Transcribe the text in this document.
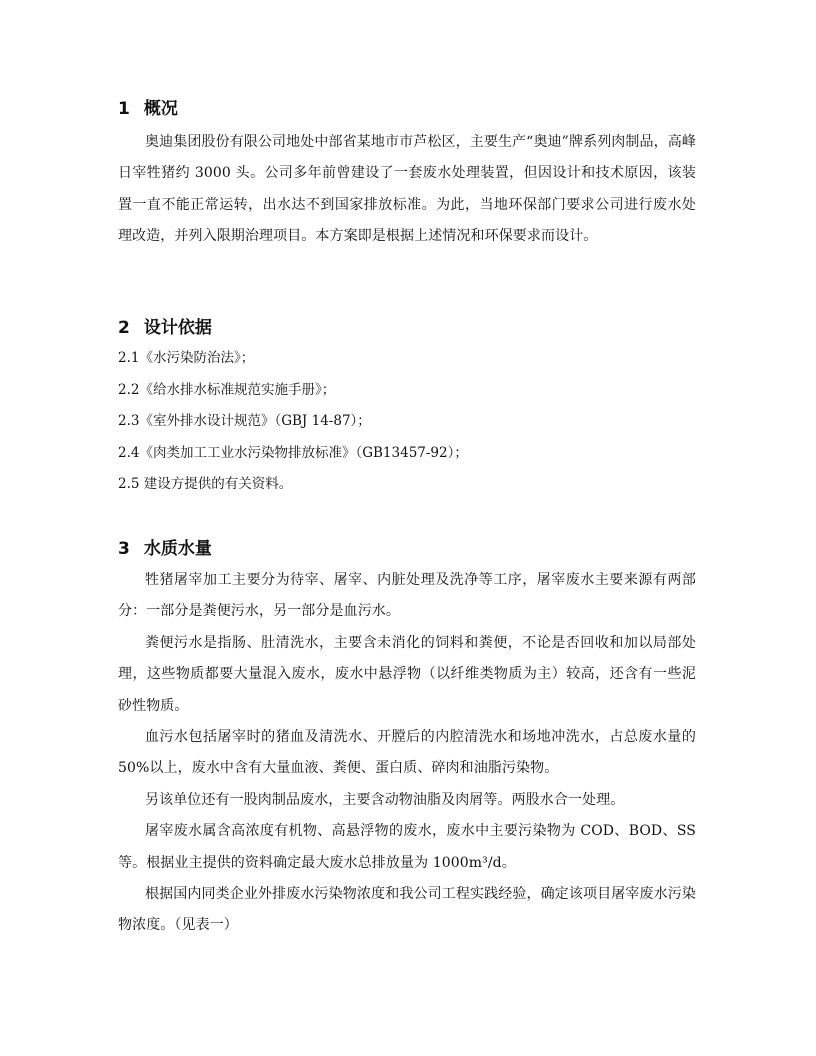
1 概况

奥迪集团股份有限公司地处中部省某地市市芦松区，主要生产“奥迪”牌系列肉制品，高峰日宰牲猪约 3000 头。公司多年前曾建设了一套废水处理装置，但因设计和技术原因，该装置一直不能正常运转，出水达不到国家排放标准。为此，当地环保部门要求公司进行废水处理改造，并列入限期治理项目。本方案即是根据上述情况和环保要求而设计。

2 设计依据
2.1《水污染防治法》；
2.2《给水排水标准规范实施手册》；
2.3《室外排水设计规范》（GBJ 14-87）；
2.4《肉类加工工业水污染物排放标准》（GB13457-92）；
2.5 建设方提供的有关资料。
3 水质水量

牲猪屠宰加工主要分为待宰、屠宰、内脏处理及洗净等工序，屠宰废水主要来源有两部分：一部分是粪便污水，另一部分是血污水。

粪便污水是指肠、肚清洗水，主要含未消化的饲料和粪便，不论是否回收和加以局部处理，这些物质都要大量混入废水，废水中悬浮物（以纤维类物质为主）较高，还含有一些泥砂性物质。

血污水包括屠宰时的猪血及清洗水、开膛后的内腔清洗水和场地冲洗水，占总废水量的 50%以上，废水中含有大量血液、粪便、蛋白质、碎肉和油脂污染物。

另该单位还有一股肉制品废水，主要含动物油脂及肉屑等。两股水合一处理。

屠宰废水属含高浓度有机物、高悬浮物的废水，废水中主要污染物为 COD、BOD、SS等。根据业主提供的资料确定最大废水总排放量为 1000m³/d。

根据国内同类企业外排废水污染物浓度和我公司工程实践经验，确定该项目屠宰废水污染物浓度。（见表一）
